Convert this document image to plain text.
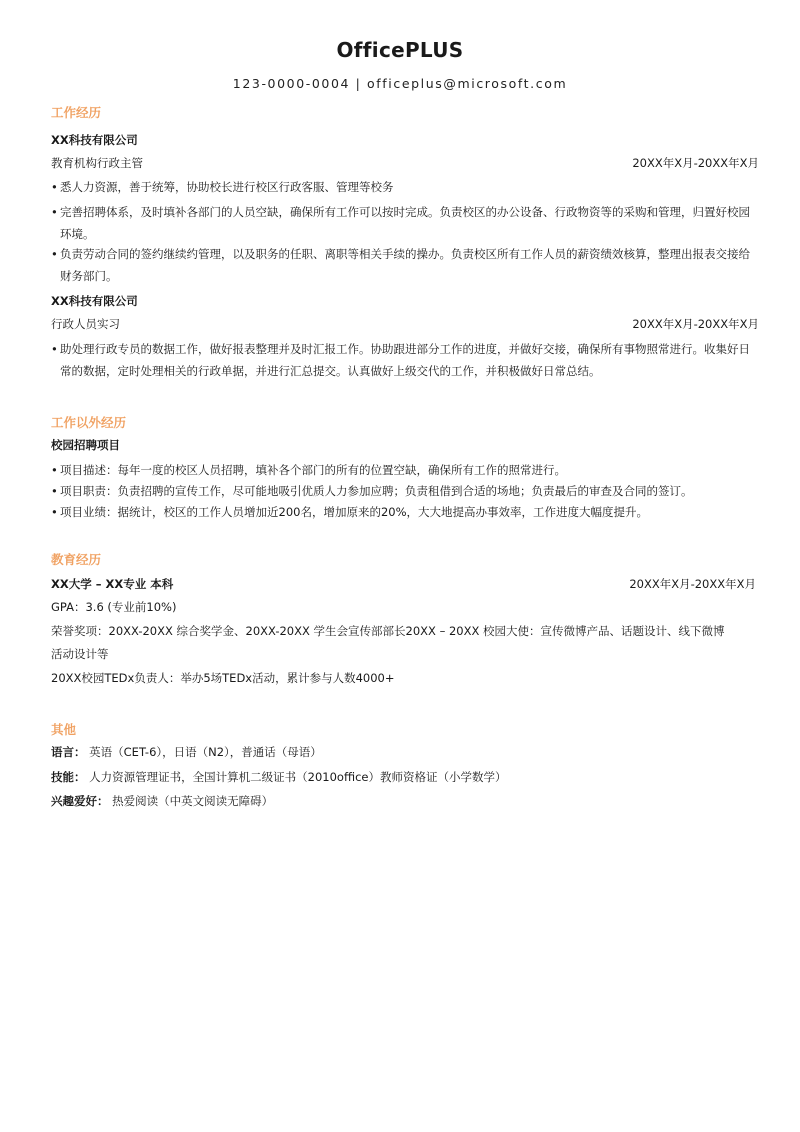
OfficePLUS
123-0000-0004 | officeplus@microsoft.com
工作经历
XX科技有限公司
教育机构行政主管	20XX年X月-20XX年X月
• 悉人力资源，善于统筹，协助校长进行校区行政客服、管理等校务
• 完善招聘体系，及时填补各部门的人员空缺，确保所有工作可以按时完成。负责校区的办公设备、行政物资等的采购和管理，归置好校园环境。
• 负责劳动合同的签约继续约管理，以及职务的任职、离职等相关手续的操办。负责校区所有工作人员的薪资绩效核算，整理出报表交接给财务部门。
XX科技有限公司
行政人员实习	20XX年X月-20XX年X月
• 助处理行政专员的数据工作，做好报表整理并及时汇报工作。协助跟进部分工作的进度，并做好交接，确保所有事物照常进行。收集好日常的数据，定时处理相关的行政单据，并进行汇总提交。认真做好上级交代的工作，并积极做好日常总结。
工作以外经历
校园招聘项目
• 项目描述：每年一度的校区人员招聘，填补各个部门的所有的位置空缺，确保所有工作的照常进行。
• 项目职责：负责招聘的宣传工作，尽可能地吸引优质人力参加应聘；负责租借到合适的场地；负责最后的审查及合同的签订。
• 项目业绩：据统计，校区的工作人员增加近200名，增加原来的20%，大大地提高办事效率，工作进度大幅度提升。
教育经历
XX大学 – XX专业 本科	20XX年X月-20XX年X月
GPA：3.6 (专业前10%)
荣誉奖项：20XX-20XX 综合奖学金、20XX-20XX 学生会宣传部部长20XX – 20XX 校园大使：宣传微博产品、话题设计、线下微博
活动设计等
20XX校园TEDx负责人：举办5场TEDx活动，累计参与人数4000+
其他
语言： 英语（CET-6），日语（N2），普通话（母语）
技能： 人力资源管理证书，全国计算机二级证书（2010office）教师资格证（小学数学）
兴趣爱好： 热爱阅读（中英文阅读无障碍）
